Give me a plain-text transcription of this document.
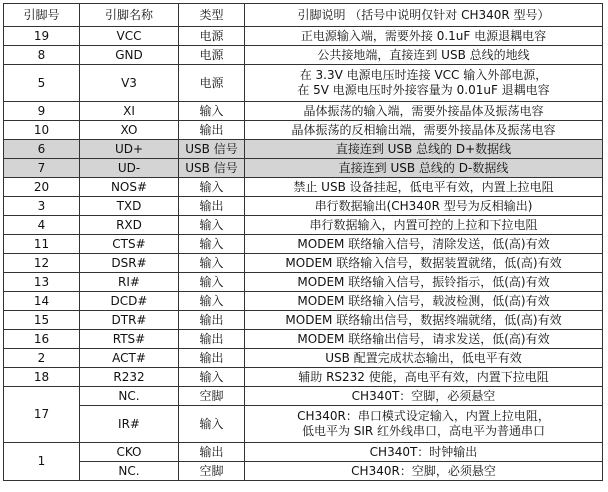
引脚号	引脚名称	类型	引脚说明 （括号中说明仅针对 CH340R 型号）
19	VCC	电源	正电源输入端，需要外接 0.1uF 电源退耦电容
8	GND	电源	公共接地端，直接连到 USB 总线的地线
5	V3	电源	在 3.3V 电源电压时连接 VCC 输入外部电源，
在 5V 电源电压时外接容量为 0.01uF 退耦电容

9	XI	输入	晶体振荡的输入端，需要外接晶体及振荡电容
10	XO	输出	晶体振荡的反相输出端，需要外接晶体及振荡电容
6	UD+	USB 信号	直接连到 USB 总线的 D+数据线
7	UD-	USB 信号	直接连到 USB 总线的 D-数据线
20	NOS#	输入	禁止 USB 设备挂起，低电平有效，内置上拉电阻
3	TXD	输出	串行数据输出(CH340R 型号为反相输出)
4	RXD	输入	串行数据输入，内置可控的上拉和下拉电阻
11	CTS#	输入	MODEM 联络输入信号，清除发送，低(高)有效
12	DSR#	输入	MODEM 联络输入信号，数据装置就绪，低(高)有效
13	RI#	输入	MODEM 联络输入信号，振铃指示，低(高)有效
14	DCD#	输入	MODEM 联络输入信号，载波检测，低(高)有效
15	DTR#	输出	MODEM 联络输出信号，数据终端就绪，低(高)有效
16	RTS#	输出	MODEM 联络输出信号，请求发送，低(高)有效
2	ACT#	输出	USB 配置完成状态输出，低电平有效
18	R232	输入	辅助 RS232 使能，高电平有效，内置下拉电阻
17	NC.	空脚	CH340T：空脚，必须悬空
	IR#	输入	CH340R：串口模式设定输入，内置上拉电阻，
低电平为 SIR 红外线串口，高电平为普通串口

1	CKO	输出	CH340T：时钟输出
	NC.	空脚	CH340R：空脚，必须悬空
